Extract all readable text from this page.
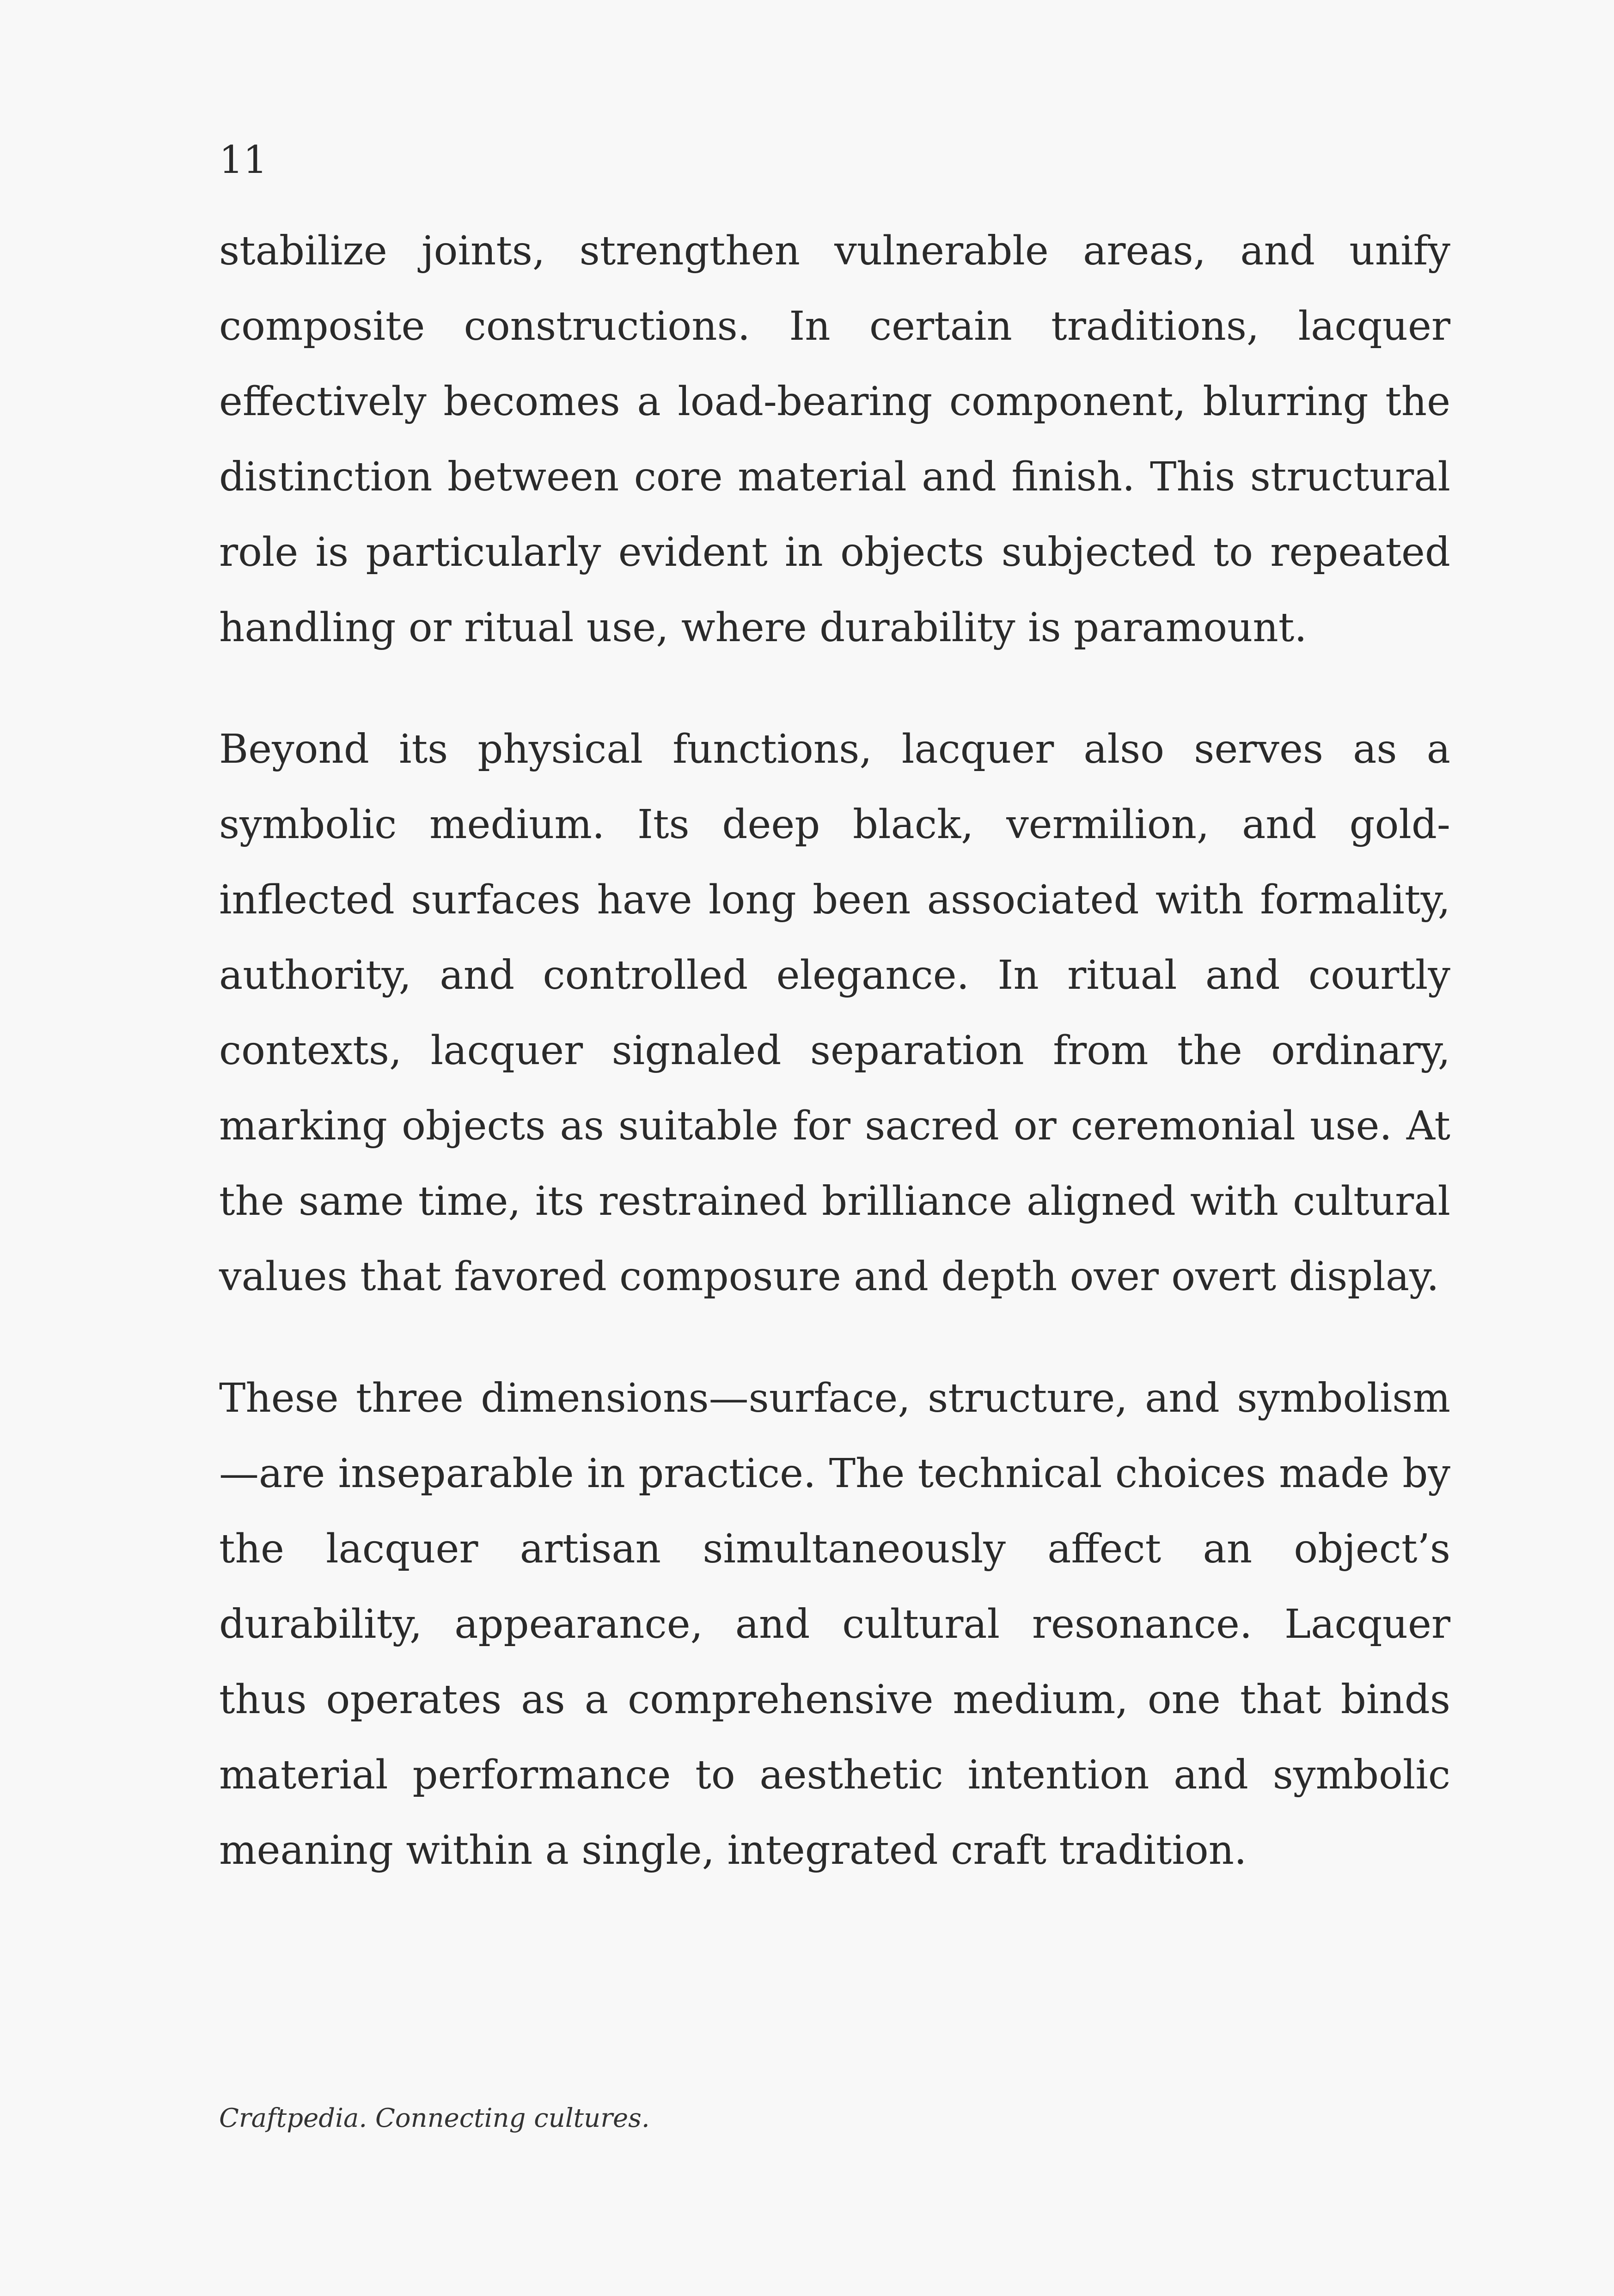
11

stabilize joints, strengthen vulnerable areas, and unify composite constructions. In certain traditions, lacquer effectively becomes a load-bearing component, blurring the distinction between core material and finish. This structural role is particularly evident in objects subjected to repeated handling or ritual use, where durability is paramount.

Beyond its physical functions, lacquer also serves as a symbolic medium. Its deep black, vermilion, and gold-inflected surfaces have long been associated with formality, authority, and controlled elegance. In ritual and courtly contexts, lacquer signaled separation from the ordinary, marking objects as suitable for sacred or ceremonial use. At the same time, its restrained brilliance aligned with cultural values that favored composure and depth over overt display.

These three dimensions—surface, structure, and symbolism—are inseparable in practice. The technical choices made by the lacquer artisan simultaneously affect an object’s durability, appearance, and cultural resonance. Lacquer thus operates as a comprehensive medium, one that binds material performance to aesthetic intention and symbolic meaning within a single, integrated craft tradition.

Craftpedia. Connecting cultures.
